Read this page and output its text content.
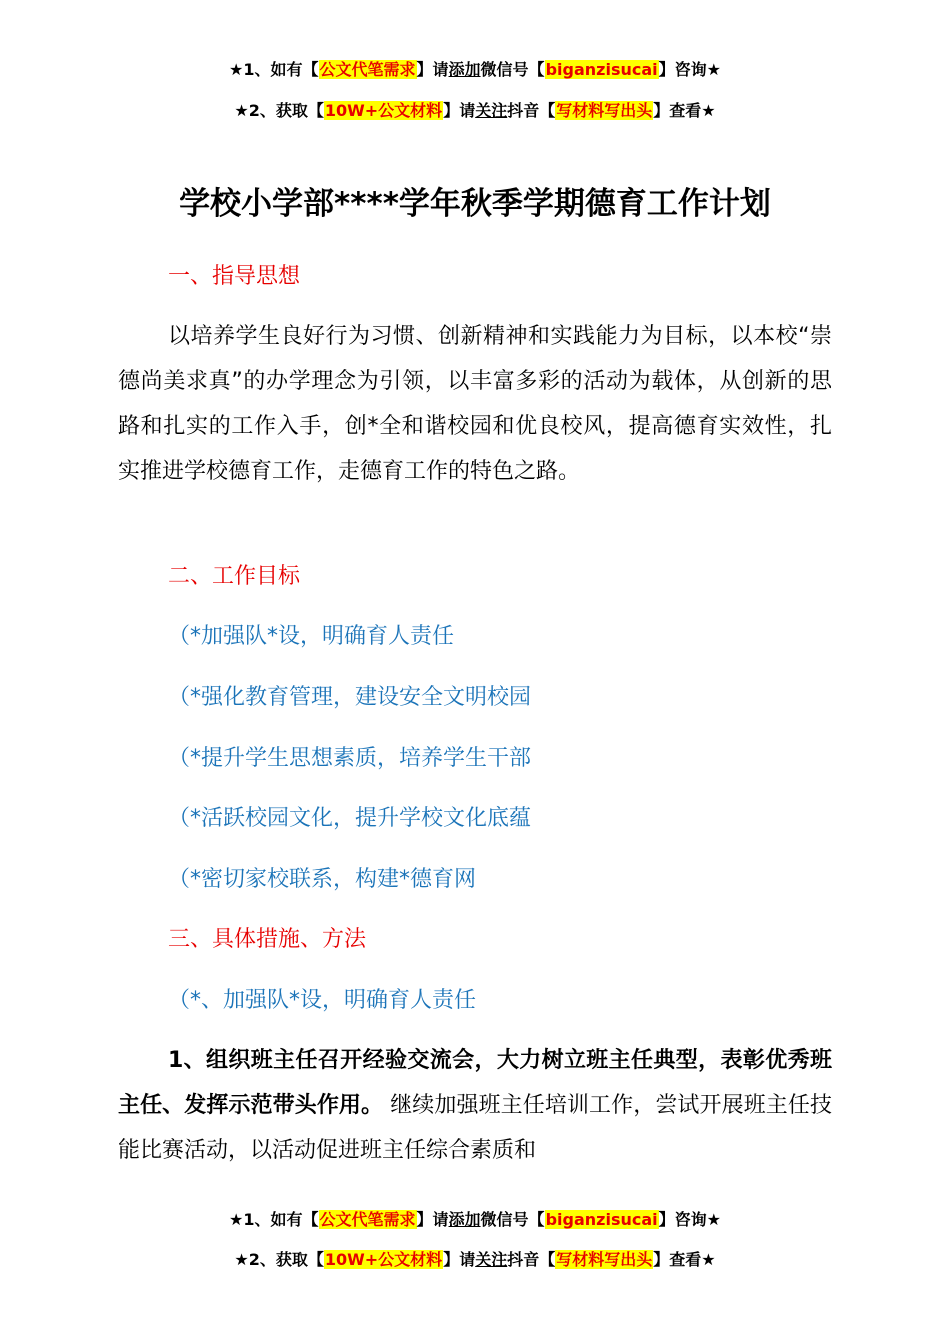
★1、如有【公文代笔需求】请添加微信号【biganzisucai】咨询★
★2、获取【10W+公文材料】请关注抖音【写材料写出头】查看★
学校小学部****学年秋季学期德育工作计划
一、指导思想
以培养学生良好行为习惯、创新精神和实践能力为目标，以本校“崇德尚美求真”的办学理念为引领，以丰富多彩的活动为载体，从创新的思路和扎实的工作入手，创*全和谐校园和优良校风，提高德育实效性，扎实推进学校德育工作，走德育工作的特色之路。
二、工作目标
（*加强队*设，明确育人责任
（*强化教育管理，建设安全文明校园
（*提升学生思想素质，培养学生干部
（*活跃校园文化，提升学校文化底蕴
（*密切家校联系，构建*德育网
三、具体措施、方法
（*、加强队*设，明确育人责任
1、组织班主任召开经验交流会，大力树立班主任典型，表彰优秀班主任、发挥示范带头作用。 继续加强班主任培训工作，尝试开展班主任技能比赛活动，以活动促进班主任综合素质和
★1、如有【公文代笔需求】请添加微信号【biganzisucai】咨询★
★2、获取【10W+公文材料】请关注抖音【写材料写出头】查看★
